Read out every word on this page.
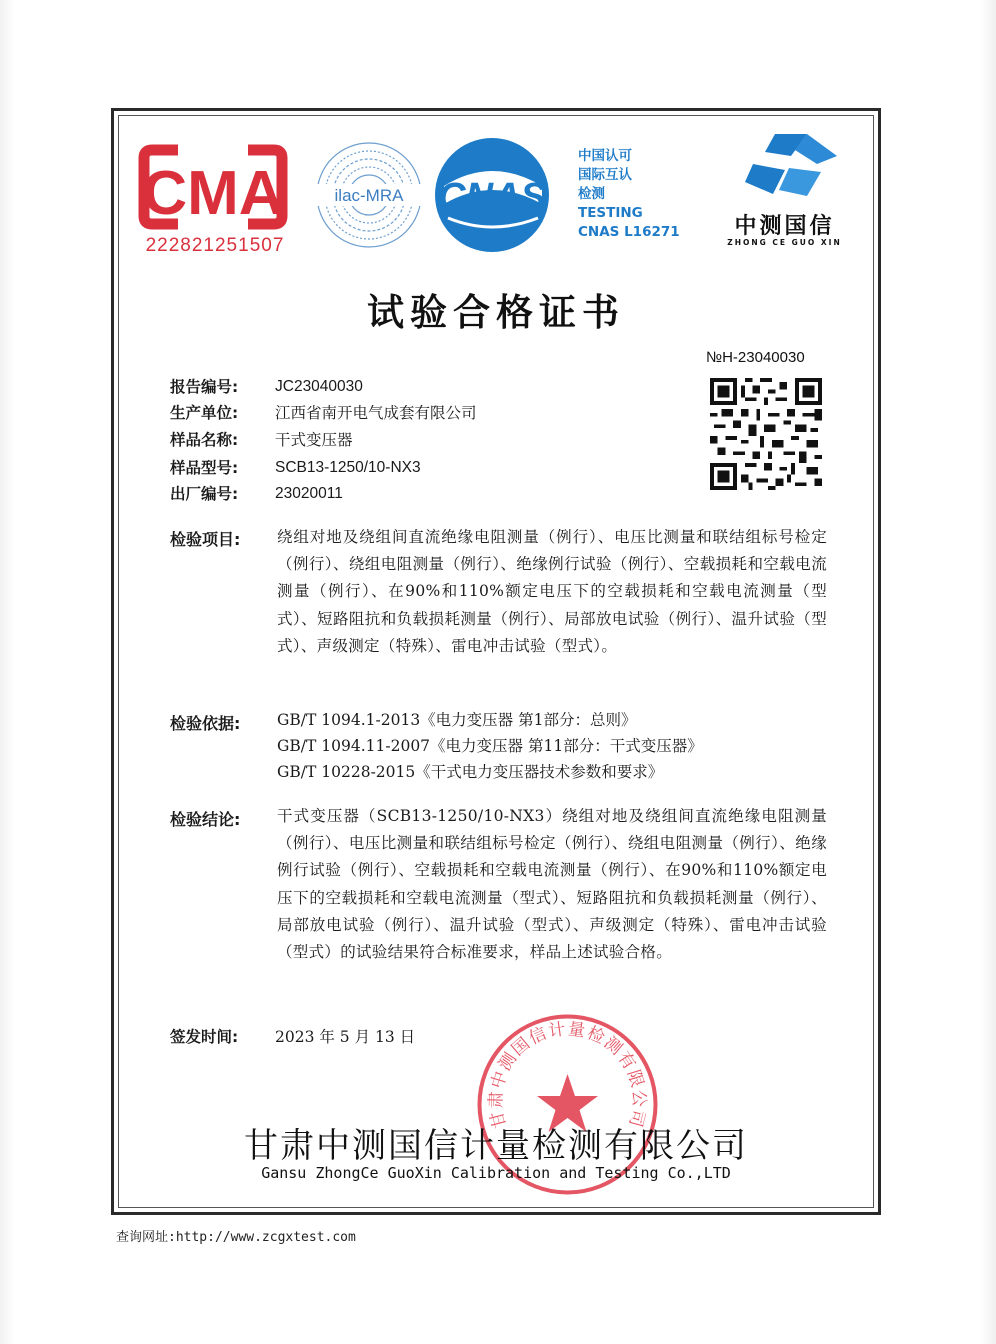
CMA
222821251507
ilac-MRA CNAS
中国认可
国际互认
检测
TESTING
CNAS L16271	中测国信
ZHONG CE GUO XIN
试验合格证书
№H-23040030
报告编号:	JC23040030
生产单位:	江西省南开电气成套有限公司
样品名称:	干式变压器
样品型号:	SCB13-1250/10-NX3
出厂编号:	23020011
检验项目:	绕组对地及绕组间直流绝缘电阻测量（例行）、电压比测量和联结组标号检定（例行）、绕组电阻测量（例行）、绝缘例行试验（例行）、空载损耗和空载电流测量（例行）、在90%和110%额定电压下的空载损耗和空载电流测量（型式）、短路阻抗和负载损耗测量（例行）、局部放电试验（例行）、温升试验（型式）、声级测定（特殊）、雷电冲击试验（型式）。
检验依据:	GB/T 1094.1-2013《电力变压器 第1部分：总则》
GB/T 1094.11-2007《电力变压器 第11部分：干式变压器》
GB/T 10228-2015《干式电力变压器技术参数和要求》
检验结论:	干式变压器（SCB13-1250/10-NX3）绕组对地及绕组间直流绝缘电阻测量（例行）、电压比测量和联结组标号检定（例行）、绕组电阻测量（例行）、绝缘例行试验（例行）、空载损耗和空载电流测量（例行）、在90%和110%额定电压下的空载损耗和空载电流测量（型式）、短路阻抗和负载损耗测量（例行）、局部放电试验（例行）、温升试验（型式）、声级测定（特殊）、雷电冲击试验（型式）的试验结果符合标准要求，样品上述试验合格。
签发时间:	2023 年 5 月 13 日
甘肃中测国信计量检测有限公司
甘肃中测国信计量检测有限公司
Gansu ZhongCe GuoXin Calibration and Testing Co.,LTD
查询网址:http://www.zcgxtest.com
